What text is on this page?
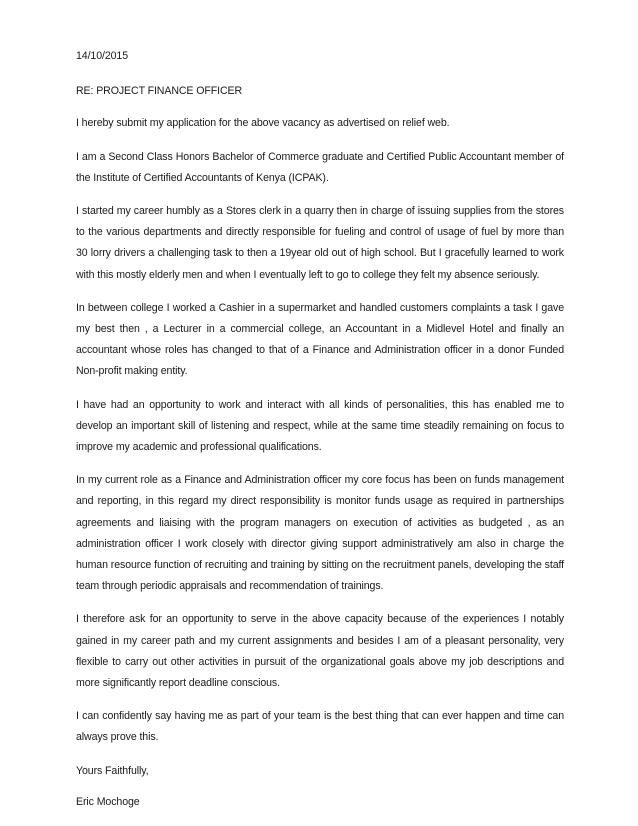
14/10/2015
RE: PROJECT FINANCE OFFICER
I hereby submit my application for the above vacancy as advertised on relief web.
I am a Second Class Honors Bachelor of Commerce graduate and Certified Public Accountant member of the Institute of Certified Accountants of Kenya (ICPAK).
I started my career humbly as a Stores clerk in a quarry then in charge of issuing supplies from the stores to the various departments and directly responsible for fueling and control of usage of fuel by more than 30 lorry drivers a challenging task to then a 19year old out of high school. But I gracefully learned to work with this mostly elderly men and when I eventually left to go to college they felt my absence seriously.
In between college I worked a Cashier in a supermarket and handled customers complaints a task I gave my best then , a Lecturer in a commercial college, an Accountant in a Midlevel Hotel and finally an accountant whose roles has changed to that of a Finance and Administration officer in a donor Funded Non-profit making entity.
I have had an opportunity to work and interact with all kinds of personalities, this has enabled me to develop an important skill of listening and respect, while at the same time steadily remaining on focus to improve my academic and professional qualifications.
In my current role as a Finance and Administration officer my core focus has been on funds management and reporting, in this regard my direct responsibility is monitor funds usage as required in partnerships agreements and liaising with the program managers on execution of activities as budgeted , as an administration officer I work closely with director giving support administratively am also in charge the human resource function of recruiting and training by sitting on the recruitment panels, developing the staff team through periodic appraisals and recommendation of trainings.
I therefore ask for an opportunity to serve in the above capacity because of the experiences I notably gained in my career path and my current assignments and besides I am of a pleasant personality, very flexible to carry out other activities in pursuit of the organizational goals above my job descriptions and more significantly report deadline conscious.
I can confidently say having me as part of your team is the best thing that can ever happen and time can always prove this.
Yours Faithfully,
Eric Mochoge
